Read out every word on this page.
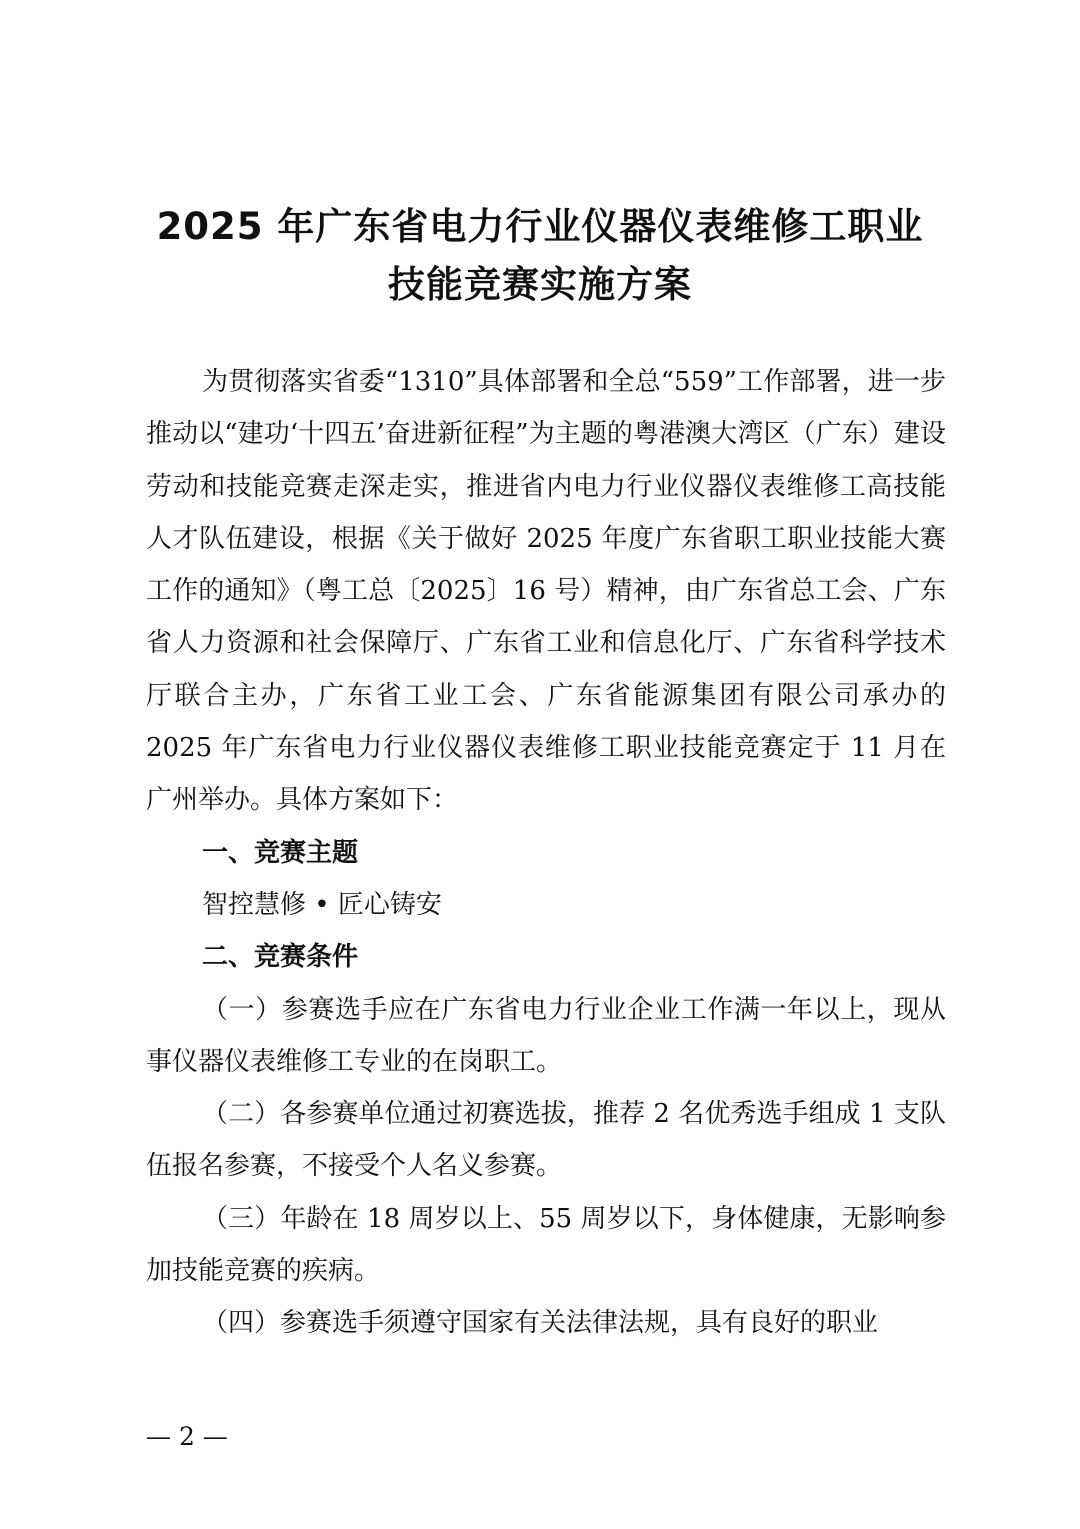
2025 年广东省电力行业仪器仪表维修工职业
技能竞赛实施方案

为贯彻落实省委“1310”具体部署和全总“559”工作部署，进一步推动以“建功‘十四五’奋进新征程”为主题的粤港澳大湾区（广东）建设劳动和技能竞赛走深走实，推进省内电力行业仪器仪表维修工高技能人才队伍建设，根据《关于做好 2025 年度广东省职工职业技能大赛工作的通知》（粤工总〔2025〕16 号）精神，由广东省总工会、广东省人力资源和社会保障厅、广东省工业和信息化厅、广东省科学技术厅联合主办，广东省工业工会、广东省能源集团有限公司承办的 2025 年广东省电力行业仪器仪表维修工职业技能竞赛定于 11 月在广州举办。具体方案如下：

一、竞赛主题

智控慧修 • 匠心铸安

二、竞赛条件

（一）参赛选手应在广东省电力行业企业工作满一年以上，现从事仪器仪表维修工专业的在岗职工。

（二）各参赛单位通过初赛选拔，推荐 2 名优秀选手组成 1 支队伍报名参赛，不接受个人名义参赛。

（三）年龄在 18 周岁以上、55 周岁以下，身体健康，无影响参加技能竞赛的疾病。

（四）参赛选手须遵守国家有关法律法规，具有良好的职业

— 2 —
